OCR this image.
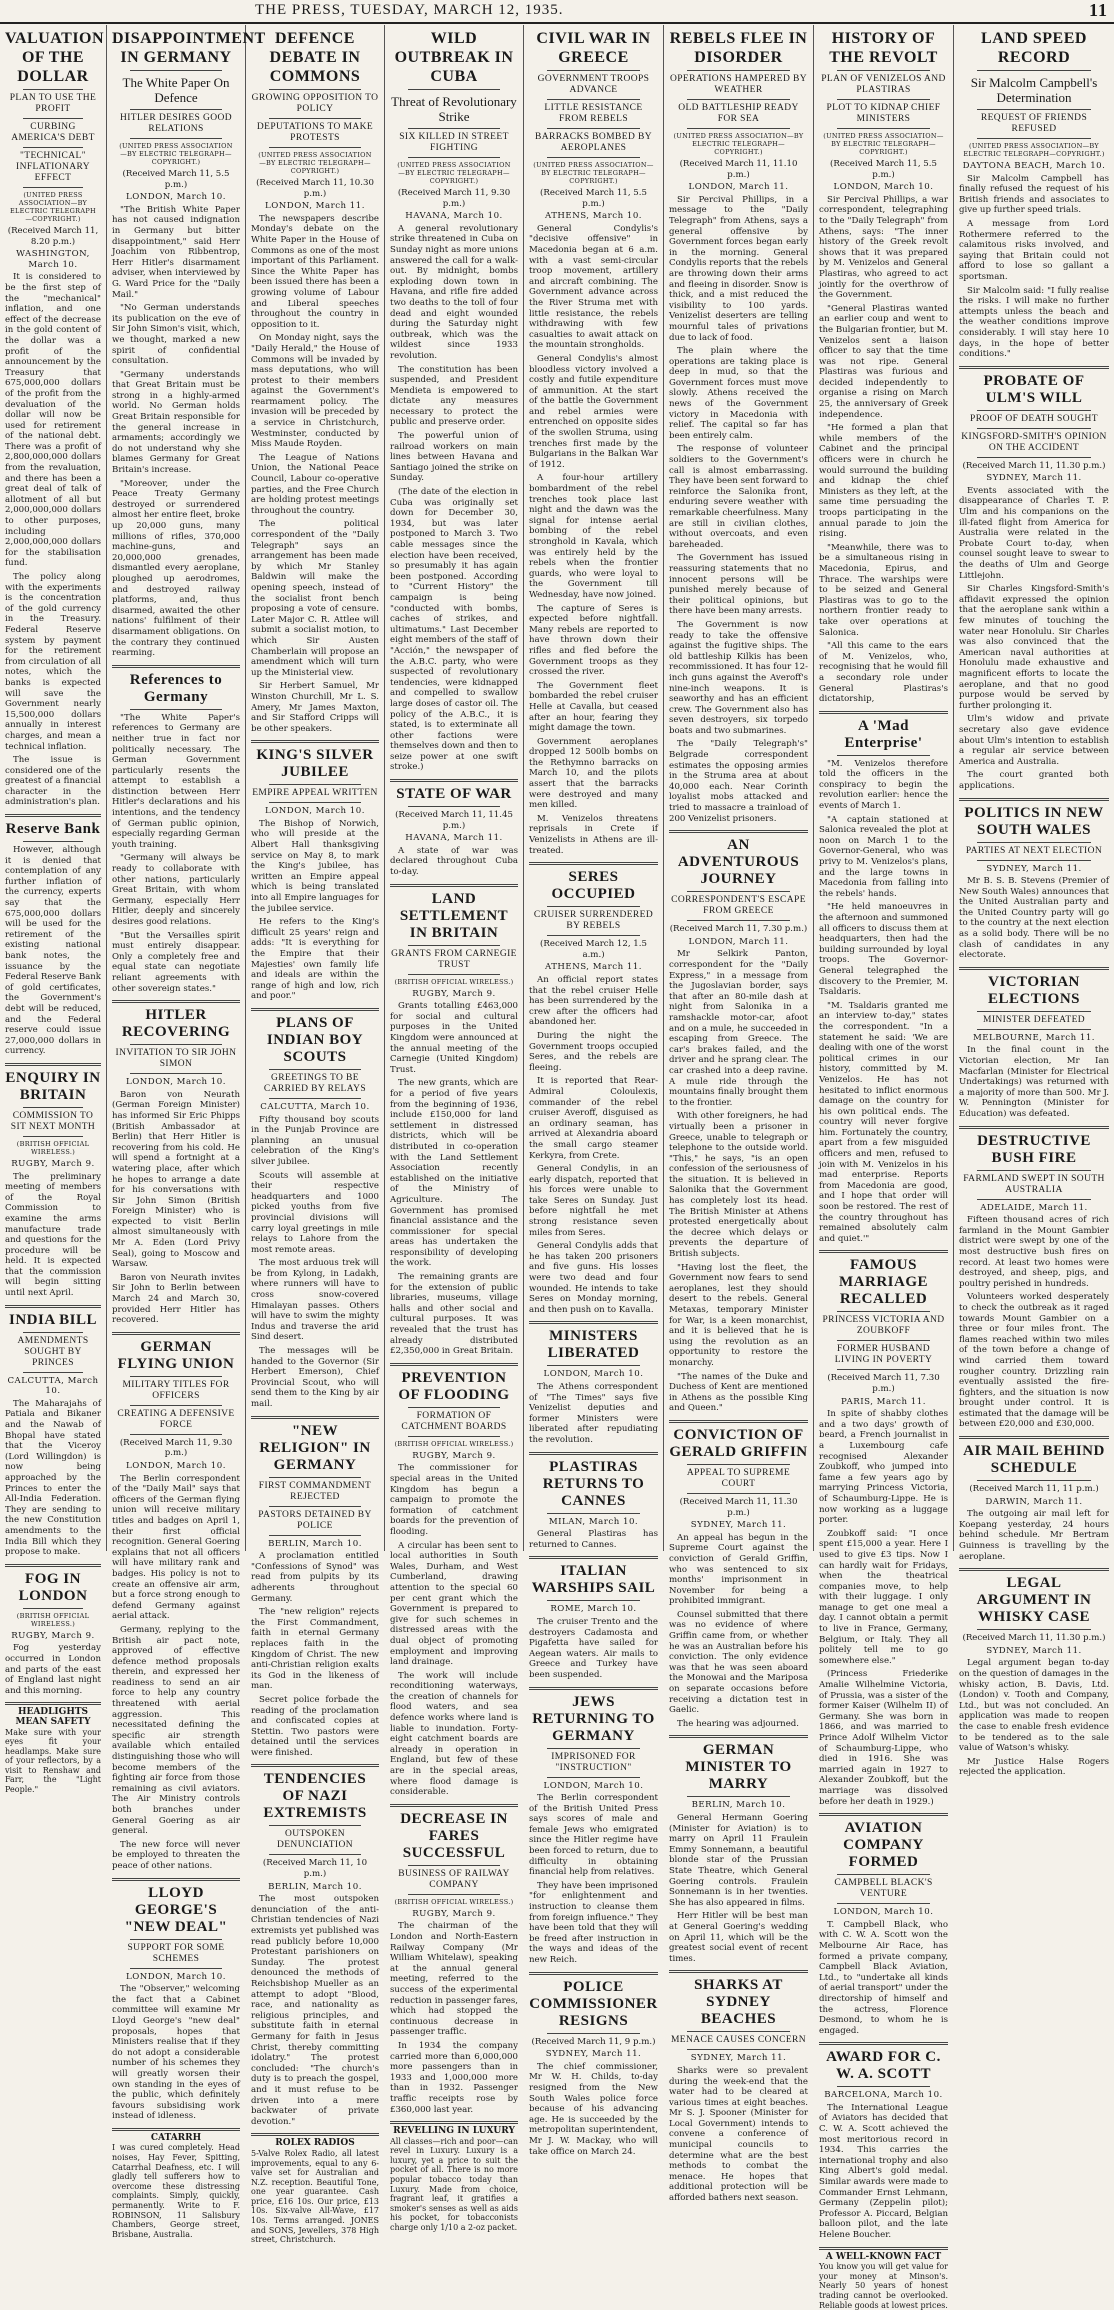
THE PRESS, TUESDAY, MARCH 12, 1935.	11
VALUATION OF THE DOLLAR
PLAN TO USE THE PROFIT
CURBING AMERICA'S DEBT
"TECHNICAL" INFLATIONARY EFFECT
(UNITED PRESS ASSOCIATION—BY ELECTRIC TELEGRAPH—COPYRIGHT.)
(Received March 11, 8.20 p.m.)
WASHINGTON, March 10.

It is considered to be the first step of the "mechanical" inflation, and one effect of the decrease in the gold content of the dollar was a profit of the announcement by the Treasury that 675,000,000 dollars of the profit from the devaluation of the dollar will now be used for retirement of the national debt. There was a profit of 2,800,000,000 dollars from the revaluation, and there has been a great deal of talk of allotment of all but 2,000,000,000 dollars to other purposes, including 2,000,000,000 dollars for the stabilisation fund.

The policy along with the experiments is the concentration of the gold currency in the Treasury. Federal Reserve system by payment for the retirement from circulation of all notes, which the banks is expected will save the Government nearly 15,500,000 dollars annually in interest charges, and mean a technical inflation.

The issue is considered one of the greatest of a financial character in the administration's plan.

Reserve Bank

However, although it is denied that contemplation of any further inflation of the currency, experts say that the 675,000,000 dollars will be used for the retirement of the existing national bank notes, the issuance by the Federal Reserve Bank of gold certificates, the Government's debt will be reduced, and the Federal reserve could issue 27,000,000 dollars in currency.

ENQUIRY IN BRITAIN
COMMISSION TO SIT NEXT MONTH
(BRITISH OFFICIAL WIRELESS.)
RUGBY, March 9.

The preliminary meeting of members of the Royal Commission to examine the arms manufacture trade and questions for the procedure will be held. It is expected that the commission will begin sitting until next April.

INDIA BILL
AMENDMENTS SOUGHT BY PRINCES
CALCUTTA, March 10.

The Maharajahs of Patiala and Bikaner and the Nawab of Bhopal have stated that the Viceroy (Lord Willingdon) is now being approached by the Princes to enter the All-India Federation. They are sending to the new Constitution amendments to the India Bill which they propose to make.

FOG IN LONDON
(BRITISH OFFICIAL WIRELESS.)
RUGBY, March 9.

Fog yesterday occurred in London and parts of the east of England last night and this morning.

HEADLIGHTS MEAN SAFETY
Make sure with your eyes fit your headlamps. Make sure of your reflectors, by a visit to Renshaw and Farr, the "Light People."
DISAPPOINTMENT IN GERMANY
The White Paper On Defence
HITLER DESIRES GOOD RELATIONS
(UNITED PRESS ASSOCIATION—BY ELECTRIC TELEGRAPH—COPYRIGHT.)
(Received March 11, 5.5 p.m.)
LONDON, March 10.

"The British White Paper has not caused indignation in Germany but bitter disappointment," said Herr Joachim von Ribbentrop, Herr Hitler's disarmament adviser, when interviewed by G. Ward Price for the "Daily Mail."

"No German understands its publication on the eve of Sir John Simon's visit, which, we thought, marked a new spirit of confidential consultation.

"Germany understands that Great Britain must be strong in a highly-armed world. No German holds Great Britain responsible for the general increase in armaments; accordingly we do not understand why she blames Germany for Great Britain's increase.

"Moreover, under the Peace Treaty Germany destroyed or surrendered almost her entire fleet, broke up 20,000 guns, many millions of rifles, 370,000 machine-guns, and 20,000,000 grenades, dismantled every aeroplane, ploughed up aerodromes, and destroyed railway platforms, and, thus disarmed, awaited the other nations' fulfilment of their disarmament obligations. On the contrary they continued rearming.

References to Germany

"The White Paper's references to Germany are neither true in fact nor politically necessary. The German Government particularly resents the attempt to establish a distinction between Herr Hitler's declarations and his intentions, and the tendency of German public opinion, especially regarding German youth training.

"Germany will always be ready to collaborate with other nations, particularly Great Britain, with whom Germany, especially Herr Hitler, deeply and sincerely desires good relations.

"But the Versailles spirit must entirely disappear. Only a completely free and equal state can negotiate reliant agreements with other sovereign states."

HITLER RECOVERING
INVITATION TO SIR JOHN SIMON
LONDON, March 10.

Baron von Neurath (German Foreign Minister) has informed Sir Eric Phipps (British Ambassador at Berlin) that Herr Hitler is recovering from his cold. He will spend a fortnight at a watering place, after which he hopes to arrange a date for his conversations with Sir John Simon (British Foreign Minister) who is expected to visit Berlin almost simultaneously with Mr A. Eden (Lord Privy Seal), going to Moscow and Warsaw.

Baron von Neurath invites Sir John to Berlin between March 24 and March 30, provided Herr Hitler has recovered.

GERMAN FLYING UNION
MILITARY TITLES FOR OFFICERS
CREATING A DEFENSIVE FORCE
(Received March 11, 9.30 p.m.)
LONDON, March 10.

The Berlin correspondent of the "Daily Mail" says that officers of the German flying union will receive military titles and badges on April 1, their first official recognition. General Goering explains that not all officers will have military rank and badges. His policy is not to create an offensive air arm, but a force strong enough to defend Germany against aerial attack.

Germany, replying to the British air pact note, approved of effective defence method proposals therein, and expressed her readiness to send an air force to help any country threatened with aerial aggression. This necessitated defining the specific air strength available which entailed distinguishing those who will become members of the fighting air force from those remaining as civil aviators. The Air Ministry controls both branches under General Goering as air general.

The new force will never be employed to threaten the peace of other nations.

LLOYD GEORGE'S "NEW DEAL"
SUPPORT FOR SOME SCHEMES
LONDON, March 10.

The "Observer," welcoming the fact that a Cabinet committee will examine Mr Lloyd George's "new deal" proposals, hopes that Ministers realise that if they do not adopt a considerable number of his schemes they will greatly worsen their own standing in the eyes of the public, which definitely favours subsidising work instead of idleness.

CATARRH
I was cured completely. Head noises, Hay Fever, Spitting, Catarrhal Deafness, etc. I will gladly tell sufferers how to overcome these distressing complaints. Simply, quickly, permanently. Write to F. ROBINSON, 11 Salisbury Chambers, George street, Brisbane, Australia.
DEFENCE DEBATE IN COMMONS
GROWING OPPOSITION TO POLICY
DEPUTATIONS TO MAKE PROTESTS
(UNITED PRESS ASSOCIATION—BY ELECTRIC TELEGRAPH—COPYRIGHT.)
(Received March 11, 10.30 p.m.)
LONDON, March 11.

The newspapers describe Monday's debate on the White Paper in the House of Commons as one of the most important of this Parliament. Since the White Paper has been issued there has been a growing volume of Labour and Liberal speeches throughout the country in opposition to it.

On Monday night, says the "Daily Herald," the House of Commons will be invaded by mass deputations, who will protest to their members against the Government's rearmament policy. The invasion will be preceded by a service in Christchurch, Westminster, conducted by Miss Maude Royden.

The League of Nations Union, the National Peace Council, Labour co-operative parties, and the Free Church are holding protest meetings throughout the country.

The political correspondent of the "Daily Telegraph" says an arrangement has been made by which Mr Stanley Baldwin will make the opening speech, instead of the socialist front bench proposing a vote of censure. Later Major C. R. Attlee will submit a socialist motion, to which Sir Austen Chamberlain will propose an amendment which will turn up the Ministerial view.

Sir Herbert Samuel, Mr Winston Churchill, Mr L. S. Amery, Mr James Maxton, and Sir Stafford Cripps will be other speakers.

KING'S SILVER JUBILEE
EMPIRE APPEAL WRITTEN
LONDON, March 10.

The Bishop of Norwich, who will preside at the Albert Hall thanksgiving service on May 8, to mark the King's jubilee, has written an Empire appeal which is being translated into all Empire languages for the jubilee service.

He refers to the King's difficult 25 years' reign and adds: "It is everything for the Empire that their Majesties' own family life and ideals are within the range of high and low, rich and poor."

PLANS OF INDIAN BOY SCOUTS
GREETINGS TO BE CARRIED BY RELAYS
CALCUTTA, March 10.

Fifty thousand boy scouts in the Punjab Province are planning an unusual celebration of the King's silver jubilee.

Scouts will assemble at their respective headquarters and 1000 picked youths from five provincial divisions will carry loyal greetings in mile relays to Lahore from the most remote areas.

The most arduous trek will be from Kylong, in Ladakh, where runners will have to cross snow-covered Himalayan passes. Others will have to swim the mighty Indus and traverse the arid Sind desert.

The messages will be handed to the Governor (Sir Herbert Emerson), Chief Provincial Scout, who will send them to the King by air mail.

"NEW RELIGION" IN GERMANY
FIRST COMMANDMENT REJECTED
PASTORS DETAINED BY POLICE
BERLIN, March 10.

A proclamation entitled "Confessions of Synod" was read from pulpits by its adherents throughout Germany.

The "new religion" rejects the First Commandment, faith in eternal Germany replaces faith in the Kingdom of Christ. The new anti-Christian religion exalts its God in the likeness of man.

Secret police forbade the reading of the proclamation and confiscated copies at Stettin. Two pastors were detained until the services were finished.

TENDENCIES OF NAZI EXTREMISTS
OUTSPOKEN DENUNCIATION
(Received March 11, 10 p.m.)
BERLIN, March 10.

The most outspoken denunciation of the anti-Christian tendencies of Nazi extremists yet published was read publicly before 10,000 Protestant parishioners on Sunday. The protest denounced the methods of Reichsbishop Mueller as an attempt to adopt "Blood, race, and nationality as religious principles, and substitute faith in eternal Germany for faith in Jesus Christ, thereby committing idolatry." The protest concluded: "The church's duty is to preach the gospel, and it must refuse to be driven into a mere backwater of private devotion."

ROLEX RADIOS
5-Valve Rolex Radio, all latest improvements, equal to any 6-valve set for Australian and N.Z. reception. Beautiful Tone, one year guarantee. Cash price, £16 10s. Our price, £13 10s. Six-valve All-Wave, £17 10s. Terms arranged. JONES and SONS, Jewellers, 378 High street, Christchurch.
WILD OUTBREAK IN CUBA
Threat of Revolutionary Strike
SIX KILLED IN STREET FIGHTING
(UNITED PRESS ASSOCIATION—BY ELECTRIC TELEGRAPH—COPYRIGHT.)
(Received March 11, 9.30 p.m.)
HAVANA, March 10.

A general revolutionary strike threatened in Cuba on Sunday night as more unions answered the call for a walk-out. By midnight, bombs exploding down town in Havana, and rifle fire added two deaths to the toll of four dead and eight wounded during the Saturday night outbreak, which was the wildest since 1933 revolution.

The constitution has been suspended, and President Mendieta is empowered to dictate any measures necessary to protect the public and preserve order.

The powerful union of railroad workers on main lines between Havana and Santiago joined the strike on Sunday.

(The date of the election in Cuba was originally set down for December 30, 1934, but was later postponed to March 3. Two cable messages since the election have been received, so presumably it has again been postponed. According to "Current History" the campaign is being "conducted with bombs, caches of strikes, and ultimatums." Last December eight members of the staff of "Acción," the newspaper of the A.B.C. party, who were suspected of revolutionary tendencies, were kidnapped and compelled to swallow large doses of castor oil. The policy of the A.B.C., it is stated, is to exterminate all other factions were themselves down and then to seize power at one swift stroke.)

STATE OF WAR
(Received March 11, 11.45 p.m.)
HAVANA, March 11.

A state of war was declared throughout Cuba to-day.

LAND SETTLEMENT IN BRITAIN
GRANTS FROM CARNEGIE TRUST
(BRITISH OFFICIAL WIRELESS.)
RUGBY, March 9.

Grants totalling £463,000 for social and cultural purposes in the United Kingdom were announced at the annual meeting of the Carnegie (United Kingdom) Trust.

The new grants, which are for a period of five years from the beginning of 1936, include £150,000 for land settlement in distressed districts, which will be distributed in co-operation with the Land Settlement Association recently established on the initiative of the Ministry of Agriculture. The Government has promised financial assistance and the commissioner for special areas has undertaken the responsibility of developing the work.

The remaining grants are for the extension of public libraries, museums, village halls and other social and cultural purposes. It was revealed that the trust has already distributed £2,350,000 in Great Britain.

PREVENTION OF FLOODING
FORMATION OF CATCHMENT BOARDS
(BRITISH OFFICIAL WIRELESS.)
RUGBY, March 9.

The commissioner for special areas in the United Kingdom has begun a campaign to promote the formation of catchment boards for the prevention of flooding.

A circular has been sent to local authorities in South Wales, Durham, and West Cumberland, drawing attention to the special 60 per cent grant which the Government is prepared to give for such schemes in distressed areas with the dual object of promoting employment and improving land drainage.

The work will include reconditioning waterways, the creation of channels for flood waters, and sea defence works where land is liable to inundation. Forty-eight catchment boards are already in operation in England, but few of these are in the special areas, where flood damage is considerable.

DECREASE IN FARES SUCCESSFUL
BUSINESS OF RAILWAY COMPANY
(BRITISH OFFICIAL WIRELESS.)
RUGBY, March 9.

The chairman of the London and North-Eastern Railway Company (Mr William Whitelaw), speaking at the annual general meeting, referred to the success of the experimental reduction in passenger fares, which had stopped the continuous decrease in passenger traffic.

In 1934 the company carried more than 6,000,000 more passengers than in 1933 and 1,000,000 more than in 1932. Passenger traffic receipts rose by £360,000 last year.

REVELLING IN LUXURY
All classes—rich and poor—can revel in Luxury. Luxury is a luxury, yet a price to suit the pocket of all. There is no more popular tobacco today than Luxury. Made from choice, fragrant leaf, it gratifies a smoker's senses as well as aids his pocket, for tobacconists charge only 1/10 a 2-oz packet.
CIVIL WAR IN GREECE
GOVERNMENT TROOPS ADVANCE
LITTLE RESISTANCE FROM REBELS
BARRACKS BOMBED BY AEROPLANES
(UNITED PRESS ASSOCIATION—BY ELECTRIC TELEGRAPH—COPYRIGHT.)
(Received March 11, 5.5 p.m.)
ATHENS, March 10.

General Condylis's "decisive offensive" in Macedonia began at 6 a.m. with a vast semi-circular troop movement, artillery and aircraft combining. The Government advance across the River Struma met with little resistance, the rebels withdrawing with few casualties to await attack on the mountain strongholds.

General Condylis's almost bloodless victory involved a costly and futile expenditure of ammunition. At the start of the battle the Government and rebel armies were entrenched on opposite sides of the swollen Struma, using trenches first made by the Bulgarians in the Balkan War of 1912.

A four-hour artillery bombardment of the rebel trenches took place last night and the dawn was the signal for intense aerial bombing of the rebel stronghold in Kavala, which was entirely held by the rebels when the frontier guards, who were loyal to the Government till Wednesday, have now joined.

The capture of Seres is expected before nightfall. Many rebels are reported to have thrown down their rifles and fled before the Government troops as they crossed the river.

The Government fleet bombarded the rebel cruiser Helle at Cavalla, but ceased after an hour, fearing they might damage the town.

Government aeroplanes dropped 12 500lb bombs on the Rethymno barracks on March 10, and the pilots assert that the barracks were destroyed and many men killed.

M. Venizelos threatens reprisals in Crete if Venizelists in Athens are ill-treated.

SERES OCCUPIED
CRUISER SURRENDERED BY REBELS
(Received March 12, 1.5 a.m.)
ATHENS, March 11.

An official report states that the rebel cruiser Helle has been surrendered by the crew after the officers had abandoned her.

During the night the Government troops occupied Seres, and the rebels are fleeing.

It is reported that Rear-Admiral Coloulexis, commander of the rebel cruiser Averoff, disguised as an ordinary seaman, has arrived at Alexandria aboard the small cargo steamer Kerkyra, from Crete.

General Condylis, in an early dispatch, reported that his forces were unable to take Seres on Sunday. Just before nightfall he met strong resistance seven miles from Seres.

General Condylis adds that he has taken 200 prisoners and five guns. His losses were two dead and four wounded. He intends to take Seres on Monday morning, and then push on to Kavalla.

MINISTERS LIBERATED
LONDON, March 10.

The Athens correspondent of "The Times" says five Venizelist deputies and former Ministers were liberated after repudiating the revolution.

PLASTIRAS RETURNS TO CANNES
MILAN, March 10.

General Plastiras has returned to Cannes.

ITALIAN WARSHIPS SAIL
ROME, March 10.

The cruiser Trento and the destroyers Cadamosta and Pigafetta have sailed for Aegean waters. Air mails to Greece and Turkey have been suspended.

JEWS RETURNING TO GERMANY
IMPRISONED FOR "INSTRUCTION"
LONDON, March 10.

The Berlin correspondent of the British United Press says scores of male and female Jews who emigrated since the Hitler regime have been forced to return, due to difficulty in obtaining financial help from relatives.

They have been imprisoned "for enlightenment and instruction to cleanse them from foreign influence." They have been told that they will be freed after instruction in the ways and ideas of the new Reich.

POLICE COMMISSIONER RESIGNS
(Received March 11, 9 p.m.)
SYDNEY, March 11.

The chief commissioner, Mr W. H. Childs, to-day resigned from the New South Wales police force because of his advancing age. He is succeeded by the metropolitan superintendent, Mr J. W. Mackay, who will take office on March 24.

REBELS FLEE IN DISORDER
OPERATIONS HAMPERED BY WEATHER
OLD BATTLESHIP READY FOR SEA
(UNITED PRESS ASSOCIATION—BY ELECTRIC TELEGRAPH—COPYRIGHT.)
(Received March 11, 11.10 p.m.)
LONDON, March 11.

Sir Percival Phillips, in a message to the "Daily Telegraph" from Athens, says a general offensive by Government forces began early in the morning. General Condylis reports that the rebels are throwing down their arms and fleeing in disorder. Snow is thick, and a mist reduced the visibility to 100 yards. Venizelist deserters are telling mournful tales of privations due to lack of food.

The plain where the operations are taking place is deep in mud, so that the Government forces must move slowly. Athens received the news of the Government victory in Macedonia with relief. The capital so far has been entirely calm.

The response of volunteer soldiers to the Government's call is almost embarrassing. They have been sent forward to reinforce the Salonika front, enduring severe weather with remarkable cheerfulness. Many are still in civilian clothes, without overcoats, and even bareheaded.

The Government has issued reassuring statements that no innocent persons will be punished merely because of their political opinions, but there have been many arrests.

The Government is now ready to take the offensive against the fugitive ships. The old battleship Kilkis has been recommissioned. It has four 12-inch guns against the Averoff's nine-inch weapons. It is seaworthy and has an efficient crew. The Government also has seven destroyers, six torpedo boats and two submarines.

The "Daily Telegraph's" Belgrade correspondent estimates the opposing armies in the Struma area at about 40,000 each. Near Corinth loyalist mobs attacked and tried to massacre a trainload of 200 Venizelist prisoners.

AN ADVENTUROUS JOURNEY
CORRESPONDENT'S ESCAPE FROM GREECE
(Received March 11, 7.30 p.m.)
LONDON, March 11.

Mr Selkirk Panton, correspondent for the "Daily Express," in a message from the Jugoslavian border, says that after an 80-mile dash at night from Salonika in a ramshackle motor-car, afoot and on a mule, he succeeded in escaping from Greece. The car's brakes failed, and the driver and he sprang clear. The car crashed into a deep ravine. A mule ride through the mountains finally brought them to the frontier.

With other foreigners, he had virtually been a prisoner in Greece, unable to telegraph or telephone to the outside world. "This," he says, "is an open confession of the seriousness of the situation. It is believed in Salonika that the Government has completely lost its head. The British Minister at Athens protested energetically about the decree which delays or prevents the departure of British subjects.

"Having lost the fleet, the Government now fears to send aeroplanes, lest they should desert to the rebels. General Metaxas, temporary Minister for War, is a keen monarchist, and it is believed that he is using the revolution as an opportunity to restore the monarchy.

"The names of the Duke and Duchess of Kent are mentioned in Athens as the possible King and Queen."

CONVICTION OF GERALD GRIFFIN
APPEAL TO SUPREME COURT
(Received March 11, 11.30 p.m.)
SYDNEY, March 11.

An appeal has begun in the Supreme Court against the conviction of Gerald Griffin, who was sentenced to six months' imprisonment in November for being a prohibited immigrant.

Counsel submitted that there was no evidence of where Griffin came from, or whether he was an Australian before his conviction. The only evidence was that he was seen aboard the Monowai and the Mariposa on separate occasions before receiving a dictation test in Gaelic.

The hearing was adjourned.

GERMAN MINISTER TO MARRY
BERLIN, March 10.

General Hermann Goering (Minister for Aviation) is to marry on April 11 Fraulein Emmy Sonnemann, a beautiful blonde star of the Prussian State Theatre, which General Goering controls. Fraulein Sonnemann is in her twenties. She has also appeared in films.

Herr Hitler will be best man at General Goering's wedding on April 11, which will be the greatest social event of recent times.

SHARKS AT SYDNEY BEACHES
MENACE CAUSES CONCERN
SYDNEY, March 11.

Sharks were so prevalent during the week-end that the water had to be cleared at various times at eight beaches. Mr S. J. Spooner (Minister for Local Government) intends to convene a conference of municipal councils to determine what are the best methods to combat the menace. He hopes that additional protection will be afforded bathers next season.

HISTORY OF THE REVOLT
PLAN OF VENIZELOS AND PLASTIRAS
PLOT TO KIDNAP CHIEF MINISTERS
(UNITED PRESS ASSOCIATION—BY ELECTRIC TELEGRAPH—COPYRIGHT.)
(Received March 11, 5.5 p.m.)
LONDON, March 10.

Sir Percival Phillips, a war correspondent, telegraphing to the "Daily Telegraph" from Athens, says: "The inner history of the Greek revolt shows that it was prepared by M. Venizelos and General Plastiras, who agreed to act jointly for the overthrow of the Government.

"General Plastiras wanted an earlier coup and went to the Bulgarian frontier, but M. Venizelos sent a liaison officer to say that the time was not ripe. General Plastiras was furious and decided independently to organise a rising on March 25, the anniversary of Greek independence.

"He formed a plan that while members of the Cabinet and the principal officers were in church he would surround the building and kidnap the chief Ministers as they left, at the same time persuading the troops participating in the annual parade to join the rising.

"Meanwhile, there was to be a simultaneous rising in Macedonia, Epirus, and Thrace. The warships were to be seized and General Plastiras was to go to the northern frontier ready to take over operations at Salonica.

"All this came to the ears of M. Venizelos, who, recognising that he would fill a secondary role under General Plastiras's dictatorship,

A 'Mad Enterprise'

"M. Venizelos therefore told the officers in the conspiracy to begin the revolution earlier: hence the events of March 1.

"A captain stationed at Salonica revealed the plot at noon on March 1 to the Governor-General, who was privy to M. Venizelos's plans, and the large towns in Macedonia from falling into the rebels' hands.

"He held manoeuvres in the afternoon and summoned all officers to discuss them at headquarters, then had the building surrounded by loyal troops. The Governor-General telegraphed the discovery to the Premier, M. Tsaldaris.

"M. Tsaldaris granted me an interview to-day," states the correspondent. "In a statement he said: 'We are dealing with one of the worst political crimes in our history, committed by M. Venizelos. He has not hesitated to inflict enormous damage on the country for his own political ends. The country will never forgive him. Fortunately the country, apart from a few misguided officers and men, refused to join with M. Venizelos in his mad enterprise. Reports from Macedonia are good, and I hope that order will soon be restored. The rest of the country throughout has remained absolutely calm and quiet.'"

FAMOUS MARRIAGE RECALLED
PRINCESS VICTORIA AND ZOUBKOFF
FORMER HUSBAND LIVING IN POVERTY
(Received March 11, 7.30 p.m.)
PARIS, March 11.

In spite of shabby clothes and a two days' growth of beard, a French journalist in a Luxembourg cafe recognised Alexander Zoubkoff, who jumped into fame a few years ago by marrying Princess Victoria, of Schaumburg-Lippe. He is now working as a luggage porter.

Zoubkoff said: "I once spent £15,000 a year. Here I used to give £3 tips. Now I can hardly wait for Fridays, when the theatrical companies move, to help with their luggage. I only manage to get one meal a day. I cannot obtain a permit to live in France, Germany, Belgium, or Italy. They all politely tell me to go somewhere else."

(Princess Friederike Amalie Wilhelmine Victoria, of Prussia, was a sister of the former Kaiser (Wilhelm II) of Germany. She was born in 1866, and was married to Prince Adolf Wilhelm Victor of Schaumburg-Lippe, who died in 1916. She was married again in 1927 to Alexander Zoubkoff, but the marriage was dissolved before her death in 1929.)

AVIATION COMPANY FORMED
CAMPBELL BLACK'S VENTURE
LONDON, March 10.

T. Campbell Black, who with C. W. A. Scott won the Melbourne Air Race, has formed a private company, Campbell Black Aviation, Ltd., to "undertake all kinds of aerial transport" under the directorship of himself and the actress, Florence Desmond, to whom he is engaged.

AWARD FOR C. W. A. SCOTT
BARCELONA, March 10.

The International League of Aviators has decided that C. W. A. Scott achieved the most meritorious record in 1934. This carries the international trophy and also King Albert's gold medal. Similar awards were made to Commander Ernst Lehmann, Germany (Zeppelin pilot); Professor A. Piccard, Belgian balloon pilot, and the late Helene Boucher.

A WELL-KNOWN FACT
You know you will get value for your money at Minson's. Nearly 50 years of honest trading cannot be overlooked. Reliable goods at lowest prices.
LAND SPEED RECORD
Sir Malcolm Campbell's Determination
REQUEST OF FRIENDS REFUSED
(UNITED PRESS ASSOCIATION—BY ELECTRIC TELEGRAPH—COPYRIGHT.)
DAYTONA BEACH, March 10.

Sir Malcolm Campbell has finally refused the request of his British friends and associates to give up further speed trials.

A message from Lord Rothermere referred to the calamitous risks involved, and saying that Britain could not afford to lose so gallant a sportsman.

Sir Malcolm said: "I fully realise the risks. I will make no further attempts unless the beach and the weather conditions improve considerably. I will stay here 10 days, in the hope of better conditions."

PROBATE OF ULM'S WILL
PROOF OF DEATH SOUGHT
KINGSFORD-SMITH'S OPINION ON THE ACCIDENT
(Received March 11, 11.30 p.m.)
SYDNEY, March 11.

Events associated with the disappearance of Charles T. P. Ulm and his companions on the ill-fated flight from America for Australia were related in the Probate Court to-day, when counsel sought leave to swear to the deaths of Ulm and George Littlejohn.

Sir Charles Kingsford-Smith's affidavit expressed the opinion that the aeroplane sank within a few minutes of touching the water near Honolulu. Sir Charles was also convinced that the American naval authorities at Honolulu made exhaustive and magnificent efforts to locate the aeroplane, and that no good purpose would be served by further prolonging it.

Ulm's widow and private secretary also gave evidence about Ulm's intention to establish a regular air service between America and Australia.

The court granted both applications.

POLITICS IN NEW SOUTH WALES
PARTIES AT NEXT ELECTION
SYDNEY, March 11.

Mr B. S. B. Stevens (Premier of New South Wales) announces that the United Australian party and the United Country party will go to the country at the next election as a solid body. There will be no clash of candidates in any electorate.

VICTORIAN ELECTIONS
MINISTER DEFEATED
MELBOURNE, March 11.

In the final count in the Victorian election, Mr Ian Macfarlan (Minister for Electrical Undertakings) was returned with a majority of more than 500. Mr J. W. Pennington (Minister for Education) was defeated.

DESTRUCTIVE BUSH FIRE
FARMLAND SWEPT IN SOUTH AUSTRALIA
ADELAIDE, March 11.

Fifteen thousand acres of rich farmland in the Mount Gambier district were swept by one of the most destructive bush fires on record. At least two homes were destroyed, and sheep, pigs, and poultry perished in hundreds.

Volunteers worked desperately to check the outbreak as it raged towards Mount Gambier on a three or four miles front. The flames reached within two miles of the town before a change of wind carried them toward rougher country. Drizzling rain eventually assisted the fire-fighters, and the situation is now brought under control. It is estimated that the damage will be between £20,000 and £30,000.

AIR MAIL BEHIND SCHEDULE
(Received March 11, 11 p.m.)
DARWIN, March 11.

The outgoing air mail left for Koepang yesterday, 24 hours behind schedule. Mr Bertram Guinness is travelling by the aeroplane.

LEGAL ARGUMENT IN WHISKY CASE
(Received March 11, 11.30 p.m.)
SYDNEY, March 11.

Legal argument began to-day on the question of damages in the whisky action, B. Davis, Ltd. (London) v. Tooth and Company, Ltd., but was not concluded. An application was made to reopen the case to enable fresh evidence to be tendered as to the sale value of Watson's whisky.

Mr Justice Halse Rogers rejected the application.
